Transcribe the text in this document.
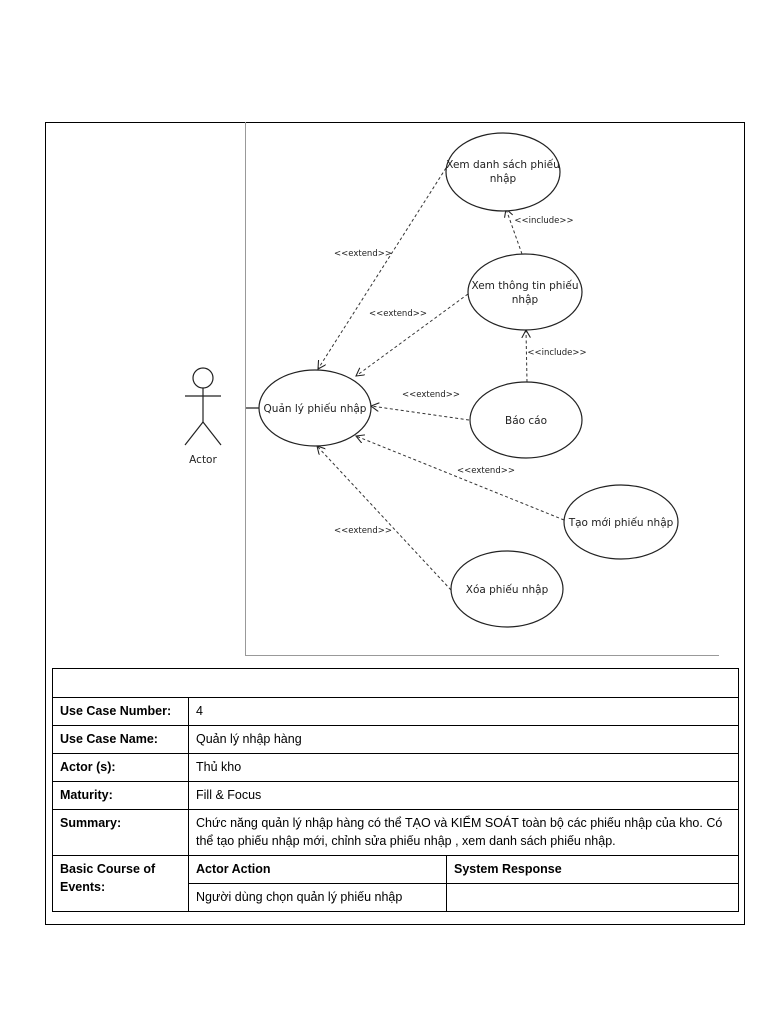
Actor
<<extend>>
<<extend>>
<<extend>>
<<extend>>
<<extend>>
<<include>>
<<include>>
Quản lý phiếu nhập
Xem danh sách phiếu
nhập
Xem thông tin phiếu
nhập
Báo cáo
Tạo mới phiếu nhập
Xóa phiếu nhập

Use Case Number:	4	
Use Case Name:	Quản lý nhập hàng	
Actor (s):	Thủ kho	
Maturity:	Fill & Focus	
Summary:	Chức năng quản lý nhập hàng có thể TẠO và KIỂM SOÁT toàn bộ các phiếu nhập của kho. Có thể tạo phiếu nhập mới, chỉnh sửa phiếu nhập , xem danh sách phiếu nhập.	
Basic Course of Events:	Actor Action	System Response
	Người dùng chọn quản lý phiếu nhập	
